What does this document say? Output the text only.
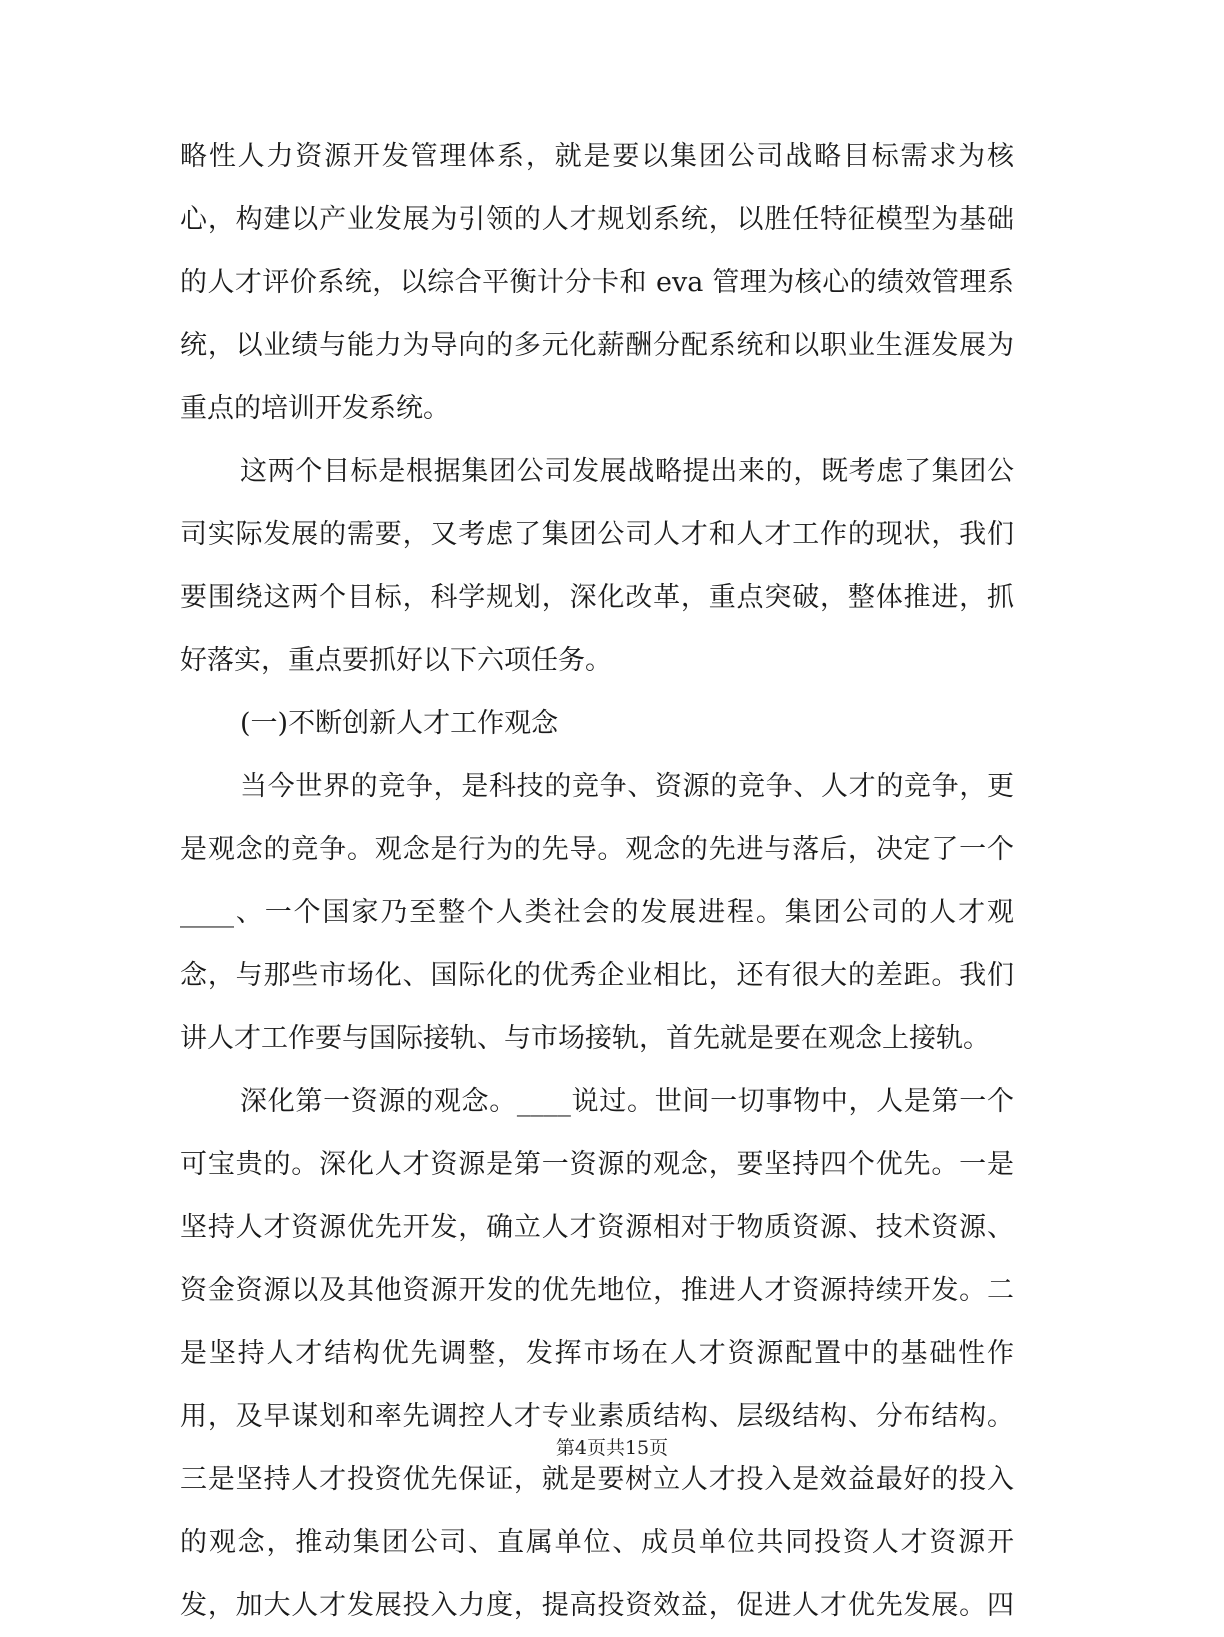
略性人力资源开发管理体系，就是要以集团公司战略目标需求为核
心，构建以产业发展为引领的人才规划系统，以胜任特征模型为基础
的人才评价系统，以综合平衡计分卡和 eva 管理为核心的绩效管理系
统，以业绩与能力为导向的多元化薪酬分配系统和以职业生涯发展为
重点的培训开发系统。
这两个目标是根据集团公司发展战略提出来的，既考虑了集团公
司实际发展的需要，又考虑了集团公司人才和人才工作的现状，我们
要围绕这两个目标，科学规划，深化改革，重点突破，整体推进，抓
好落实，重点要抓好以下六项任务。
(一)不断创新人才工作观念
当今世界的竞争，是科技的竞争、资源的竞争、人才的竞争，更
是观念的竞争。观念是行为的先导。观念的先进与落后，决定了一个
____、一个国家乃至整个人类社会的发展进程。集团公司的人才观
念，与那些市场化、国际化的优秀企业相比，还有很大的差距。我们
讲人才工作要与国际接轨、与市场接轨，首先就是要在观念上接轨。
深化第一资源的观念。____说过。世间一切事物中，人是第一个
可宝贵的。深化人才资源是第一资源的观念，要坚持四个优先。一是
坚持人才资源优先开发，确立人才资源相对于物质资源、技术资源、
资金资源以及其他资源开发的优先地位，推进人才资源持续开发。二
是坚持人才结构优先调整，发挥市场在人才资源配置中的基础性作
用，及早谋划和率先调控人才专业素质结构、层级结构、分布结构。
三是坚持人才投资优先保证，就是要树立人才投入是效益最好的投入
的观念，推动集团公司、直属单位、成员单位共同投资人才资源开
发，加大人才发展投入力度，提高投资效益，促进人才优先发展。四
第4页共15页
